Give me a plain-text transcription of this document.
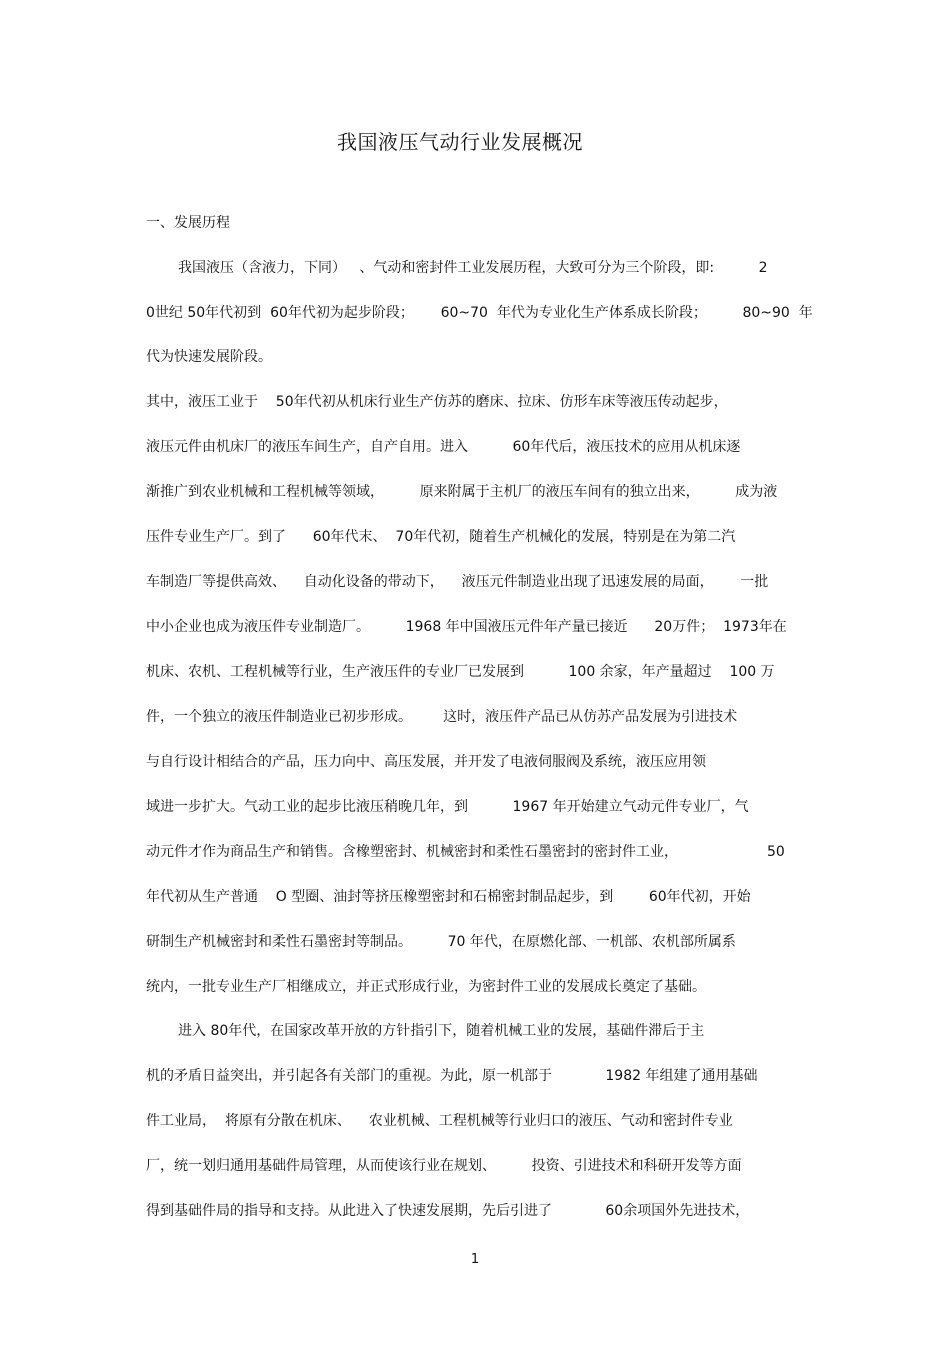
我国液压气动行业发展概况
一、发展历程
我国液压（含液力，下同）   、气动和密封件工业发展历程，大致可分为三个阶段，即:          2
0世纪 50年代初到  60年代初为起步阶段；      60~70  年代为专业化生产体系成长阶段；        80~90  年
代为快速发展阶段。
其中，液压工业于    50年代初从机床行业生产仿苏的磨床、拉床、仿形车床等液压传动起步，
液压元件由机床厂的液压车间生产，自产自用。进入          60年代后，液压技术的应用从机床逐
渐推广到农业机械和工程机械等领域，        原来附属于主机厂的液压车间有的独立出来，        成为液
压件专业生产厂。到了      60年代末、  70年代初，随着生产机械化的发展，特别是在为第二汽
车制造厂等提供高效、    自动化设备的带动下，    液压元件制造业出现了迅速发展的局面，      一批
中小企业也成为液压件专业制造厂。        1968 年中国液压元件年产量已接近      20万件；  1973年在
机床、农机、工程机械等行业，生产液压件的专业厂已发展到          100 余家，年产量超过    100 万
件，一个独立的液压件制造业已初步形成。       这时，液压件产品已从仿苏产品发展为引进技术
与自行设计相结合的产品，压力向中、高压发展，并开发了电液伺服阀及系统，液压应用领
域进一步扩大。气动工业的起步比液压稍晚几年，到          1967 年开始建立气动元件专业厂，气
动元件才作为商品生产和销售。含橡塑密封、机械密封和柔性石墨密封的密封件工业，                    50
年代初从生产普通    O 型圈、油封等挤压橡塑密封和石棉密封制品起步，到        60年代初，开始
研制生产机械密封和柔性石墨密封等制品。        70 年代，在原燃化部、一机部、农机部所属系
统内，一批专业生产厂相继成立，并正式形成行业，为密封件工业的发展成长奠定了基础。
进入 80年代，在国家改革开放的方针指引下，随着机械工业的发展，基础件滞后于主
机的矛盾日益突出，并引起各有关部门的重视。为此，原一机部于            1982 年组建了通用基础
件工业局，  将原有分散在机床、    农业机械、工程机械等行业归口的液压、气动和密封件专业
厂，统一划归通用基础件局管理，从而使该行业在规划、        投资、引进技术和科研开发等方面
得到基础件局的指导和支持。从此进入了快速发展期，先后引进了            60余项国外先进技术，
1
